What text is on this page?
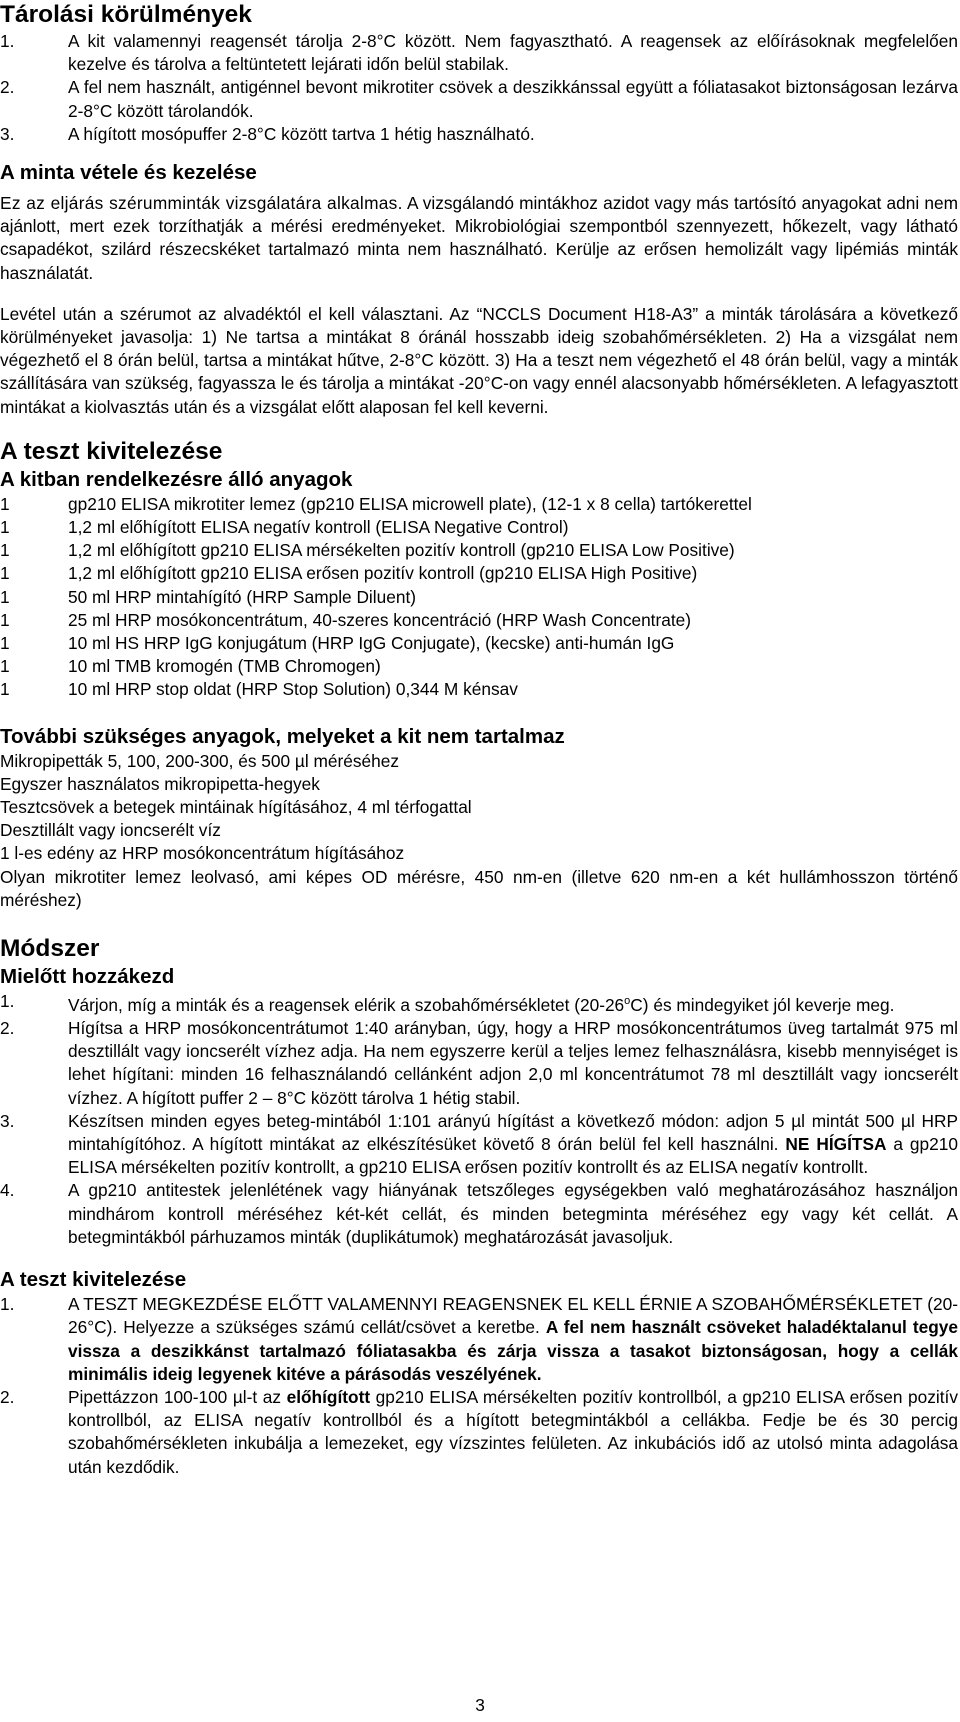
Tárolási körülmények
1.	A kit valamennyi reagensét tárolja 2-8°C között. Nem fagyasztható. A reagensek az előírásoknak megfelelően kezelve és tárolva a feltüntetett lejárati időn belül stabilak.
2.	A fel nem használt, antigénnel bevont mikrotiter csövek a deszikkánssal együtt a fóliatasakot biztonságosan lezárva 2-8°C között tárolandók.
3.	A hígított mosópuffer 2-8°C között tartva 1 hétig használható.
A minta vétele és kezelése

Ez az eljárás szérumminták vizsgálatára alkalmas. A vizsgálandó mintákhoz azidot vagy más tartósító anyagokat adni nem ajánlott, mert ezek torzíthatják a mérési eredményeket. Mikrobiológiai szempontból szennyezett, hőkezelt, vagy látható csapadékot, szilárd részecskéket tartalmazó minta nem használható. Kerülje az erősen hemolizált vagy lipémiás minták használatát.

Levétel után a szérumot az alvadéktól el kell választani. Az “NCCLS Document H18-A3” a minták tárolására a következő körülményeket javasolja: 1) Ne tartsa a mintákat 8 óránál hosszabb ideig szobahőmérsékleten. 2) Ha a vizsgálat nem végezhető el 8 órán belül, tartsa a mintákat hűtve, 2-8°C között. 3) Ha a teszt nem végezhető el 48 órán belül, vagy a minták szállítására van szükség, fagyassza le és tárolja a mintákat -20°C-on vagy ennél alacsonyabb hőmérsékleten. A lefagyasztott mintákat a kiolvasztás után és a vizsgálat előtt alaposan fel kell keverni.

A teszt kivitelezése
A kitban rendelkezésre álló anyagok
1	gp210 ELISA mikrotiter lemez (gp210 ELISA microwell plate), (12-1 x 8 cella) tartókerettel
1	1,2 ml előhígított ELISA negatív kontroll (ELISA Negative Control)
1	1,2 ml előhígított gp210 ELISA mérsékelten pozitív kontroll (gp210 ELISA Low Positive)
1	1,2 ml előhígított gp210 ELISA erősen pozitív kontroll (gp210 ELISA High Positive)
1	50 ml HRP mintahígító (HRP Sample Diluent)
1	25 ml HRP mosókoncentrátum, 40-szeres koncentráció (HRP Wash Concentrate)
1	10 ml HS HRP IgG konjugátum (HRP IgG Conjugate), (kecske) anti-humán IgG
1	10 ml TMB kromogén (TMB Chromogen)
1	10 ml HRP stop oldat (HRP Stop Solution) 0,344 M kénsav
További szükséges anyagok, melyeket a kit nem tartalmaz
Mikropipetták 5, 100, 200-300, és 500 µl méréséhez
Egyszer használatos mikropipetta-hegyek
Tesztcsövek a betegek mintáinak hígításához, 4 ml térfogattal
Desztillált vagy ioncserélt víz
1 l-es edény az HRP mosókoncentrátum hígításához
Olyan mikrotiter lemez leolvasó, ami képes OD mérésre, 450 nm-en (illetve 620 nm-en a két hullámhosszon történő méréshez)
Módszer
Mielőtt hozzákezd
1.	Várjon, míg a minták és a reagensek elérik a szobahőmérsékletet (20-26$^o$C) és mindegyiket jól keverje meg.
2.	Hígítsa a HRP mosókoncentrátumot 1:40 arányban, úgy, hogy a HRP mosókoncentrátumos üveg tartalmát 975 ml desztillált vagy ioncserélt vízhez adja. Ha nem egyszerre kerül a teljes lemez felhasználásra, kisebb mennyiséget is lehet hígítani: minden 16 felhasználandó cellánként adjon 2,0 ml koncentrátumot 78 ml desztillált vagy ioncserélt vízhez. A hígított puffer 2 – 8°C között tárolva 1 hétig stabil.
3.	Készítsen minden egyes beteg-mintából 1:101 arányú hígítást a következő módon: adjon 5 µl mintát 500 µl HRP mintahígítóhoz. A hígított mintákat az elkészítésüket követő 8 órán belül fel kell használni. NE HÍGÍTSA a gp210 ELISA mérsékelten pozitív kontrollt, a gp210 ELISA erősen pozitív kontrollt és az ELISA negatív kontrollt.
4.	A gp210 antitestek jelenlétének vagy hiányának tetszőleges egységekben való meghatározásához használjon mindhárom kontroll méréséhez két-két cellát, és minden betegminta méréséhez egy vagy két cellát. A betegmintákból párhuzamos minták (duplikátumok) meghatározását javasoljuk.
A teszt kivitelezése
1.	A TESZT MEGKEZDÉSE ELŐTT VALAMENNYI REAGENSNEK EL KELL ÉRNIE A SZOBAHŐMÉRSÉKLETET (20-26°C). Helyezze a szükséges számú cellát/csövet a keretbe. A fel nem használt csöveket haladéktalanul tegye vissza a deszikkánst tartalmazó fóliatasakba és zárja vissza a tasakot biztonságosan, hogy a cellák minimális ideig legyenek kitéve a párásodás veszélyének.
2.	Pipettázzon 100-100 µl-t az előhígított gp210 ELISA mérsékelten pozitív kontrollból, a gp210 ELISA erősen pozitív kontrollból, az ELISA negatív kontrollból és a hígított betegmintákból a cellákba. Fedje be és 30 percig szobahőmérsékleten inkubálja a lemezeket, egy vízszintes felületen. Az inkubációs idő az utolsó minta adagolása után kezdődik.
3
